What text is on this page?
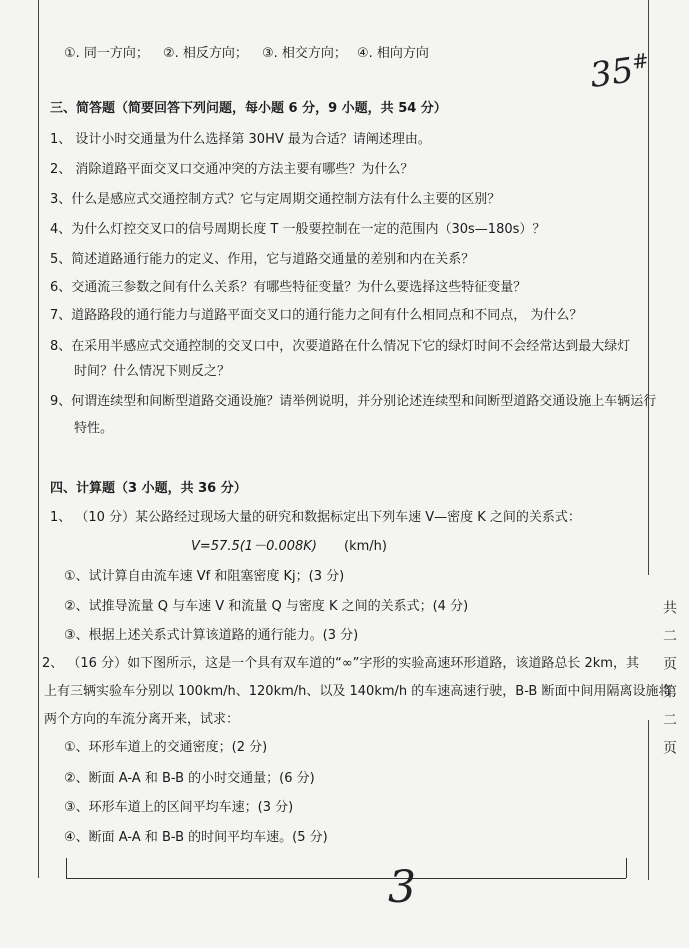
①. 同一方向； ②. 相反方向； ③. 相交方向； ④. 相向方向	35#
三、简答题（简要回答下列问题，每小题 6 分，9 小题，共 54 分）
1、 设计小时交通量为什么选择第 30HV 最为合适？请阐述理由。
2、 消除道路平面交叉口交通冲突的方法主要有哪些？为什么？
3、什么是感应式交通控制方式？它与定周期交通控制方法有什么主要的区别？
4、为什么灯控交叉口的信号周期长度 T 一般要控制在一定的范围内（30s—180s）？
5、简述道路通行能力的定义、作用，它与道路交通量的差别和内在关系？
6、交通流三参数之间有什么关系？有哪些特征变量？为什么要选择这些特征变量？
7、道路路段的通行能力与道路平面交叉口的通行能力之间有什么相同点和不同点， 为什么？
8、在采用半感应式交通控制的交叉口中，次要道路在什么情况下它的绿灯时间不会经常达到最大绿灯
时间？什么情况下则反之？
9、何谓连续型和间断型道路交通设施？请举例说明，并分别论述连续型和间断型道路交通设施上车辆运行
特性。
四、计算题（3 小题，共 36 分）
1、 （10 分）某公路经过现场大量的研究和数据标定出下列车速 V—密度 K 之间的关系式：
V=57.5(1－0.008K) (km/h)
①、试计算自由流车速 Vf 和阻塞密度 Kj；(3 分)
②、试推导流量 Q 与车速 V 和流量 Q 与密度 K 之间的关系式；(4 分)
③、根据上述关系式计算该道路的通行能力。(3 分)
2、 （16 分）如下图所示，这是一个具有双车道的“∞”字形的实验高速环形道路，该道路总长 2km，其
上有三辆实验车分别以 100km/h、120km/h、以及 140km/h 的车速高速行驶，B-B 断面中间用隔离设施将
两个方向的车流分离开来，试求：
①、环形车道上的交通密度；(2 分)
②、断面 A-A 和 B-B 的小时交通量；(6 分)
③、环形车道上的区间平均车速；(3 分)
④、断面 A-A 和 B-B 的时间平均车速。(5 分)
共二页第二页
3
